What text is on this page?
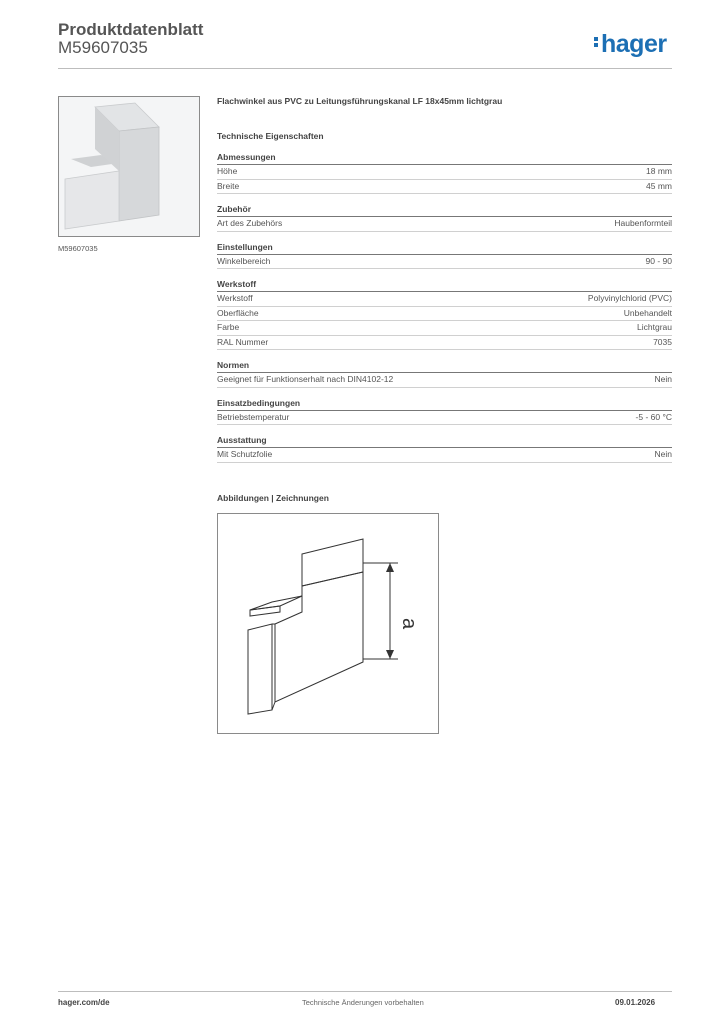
Produktdatenblatt
M59607035	hager
M59607035
Flachwinkel aus PVC zu Leitungsführungskanal LF 18x45mm lichtgrau
Technische Eigenschaften
Abmessungen
Höhe	18 mm
Breite	45 mm
Zubehör
Art des Zubehörs	Haubenformteil
Einstellungen
Winkelbereich	90 - 90
Werkstoff
Werkstoff	Polyvinylchlorid (PVC)
Oberfläche	Unbehandelt
Farbe	Lichtgrau
RAL Nummer	7035
Normen
Geeignet für Funktionserhalt nach DIN4102-12	Nein
Einsatzbedingungen
Betriebstemperatur	-5 - 60 °C
Ausstattung
Mit Schutzfolie	Nein
Abbildungen | Zeichnungen
a
hager.com/de	Technische Änderungen vorbehalten	09.01.2026
